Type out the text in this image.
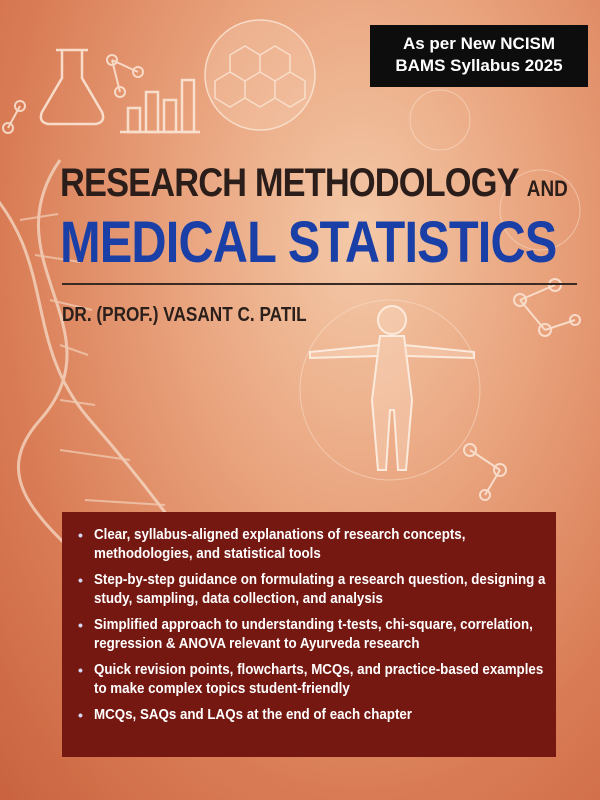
As per New NCISM
BAMS Syllabus 2025
RESEARCH METHODOLOGY AND
MEDICAL STATISTICS
DR. (PROF.) VASANT C. PATIL
• Clear, syllabus-aligned explanations of research concepts, methodologies, and statistical tools
• Step-by-step guidance on formulating a research question, designing a study, sampling, data collection, and analysis
• Simplified approach to understanding t-tests, chi-square, correlation, regression & ANOVA relevant to Ayurveda research
• Quick revision points, flowcharts, MCQs, and practice-based examples to make complex topics student-friendly
• MCQs, SAQs and LAQs at the end of each chapter
